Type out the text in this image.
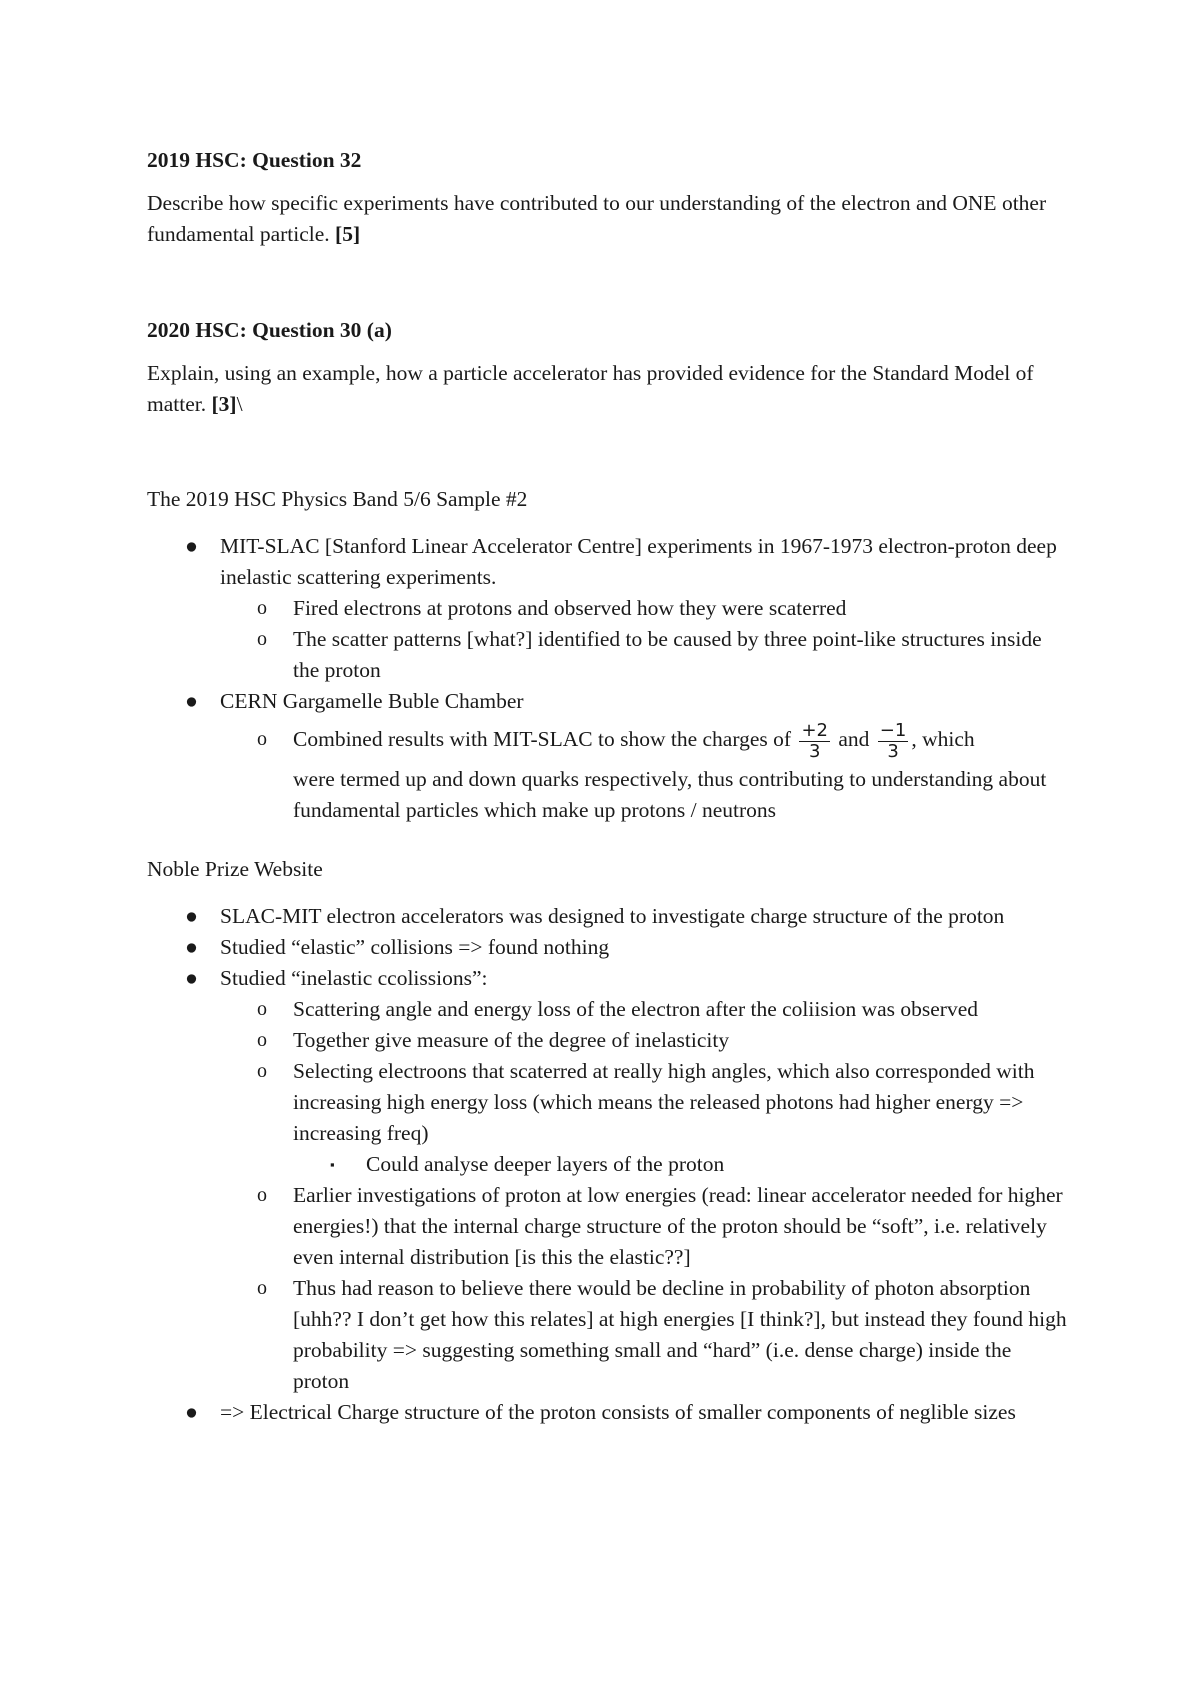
2019 HSC: Question 32
Describe how specific experiments have contributed to our understanding of the electron and ONE other fundamental particle. [5]
2020 HSC: Question 30 (a)
Explain, using an example, how a particle accelerator has provided evidence for the Standard Model of matter. [3]\
The 2019 HSC Physics Band 5/6 Sample #2
● MIT-SLAC [Stanford Linear Accelerator Centre] experiments in 1967-1973 electron-proton deep inelastic scattering experiments.
o Fired electrons at protons and observed how they were scaterred
o The scatter patterns [what?] identified to be caused by three point-like structures inside the proton
● CERN Gargamelle Buble Chamber
o Combined results with MIT-SLAC to show the charges of $\frac{+2}{3}$ and $\frac{-1}{3}$ , which
were termed up and down quarks respectively, thus contributing to understanding about fundamental particles which make up protons / neutrons
Noble Prize Website
● SLAC-MIT electron accelerators was designed to investigate charge structure of the proton
● Studied “elastic” collisions => found nothing
● Studied “inelastic ccolissions”:
o Scattering angle and energy loss of the electron after the coliision was observed
o Together give measure of the degree of inelasticity
o Selecting electroons that scaterred at really high angles, which also corresponded with increasing high energy loss (which means the released photons had higher energy => increasing freq)
▪ Could analyse deeper layers of the proton
o Earlier investigations of proton at low energies (read: linear accelerator needed for higher energies!) that the internal charge structure of the proton should be “soft”, i.e. relatively even internal distribution [is this the elastic??]
o Thus had reason to believe there would be decline in probability of photon absorption [uhh?? I don’t get how this relates] at high energies [I think?], but instead they found high probability => suggesting something small and “hard” (i.e. dense charge) inside the proton
● => Electrical Charge structure of the proton consists of smaller components of neglible sizes
